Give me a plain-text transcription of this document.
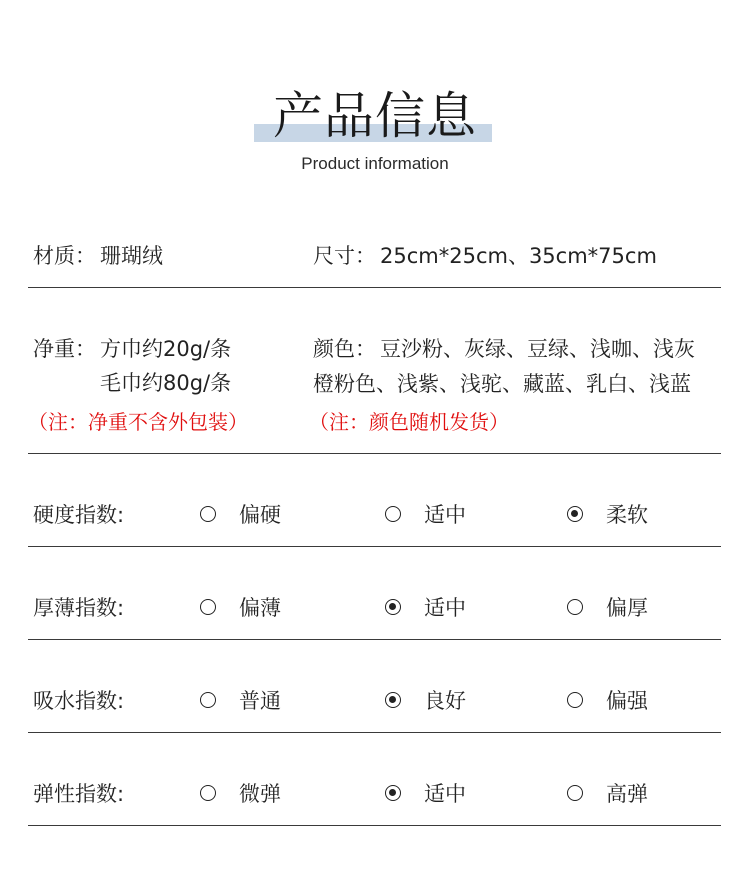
产品信息
Product information
材质： 珊瑚绒	尺寸： 25cm*25cm、35cm*75cm
净重： 方巾约20g/条
毛巾约80g/条
（注：净重不含外包装）
颜色： 豆沙粉、灰绿、豆绿、浅咖、浅灰
橙粉色、浅紫、浅驼、藏蓝、乳白、浅蓝
（注：颜色随机发货）
硬度指数:	偏硬	适中	柔软
厚薄指数:	偏薄	适中	偏厚
吸水指数:	普通	良好	偏强
弹性指数:	微弹	适中	高弹
